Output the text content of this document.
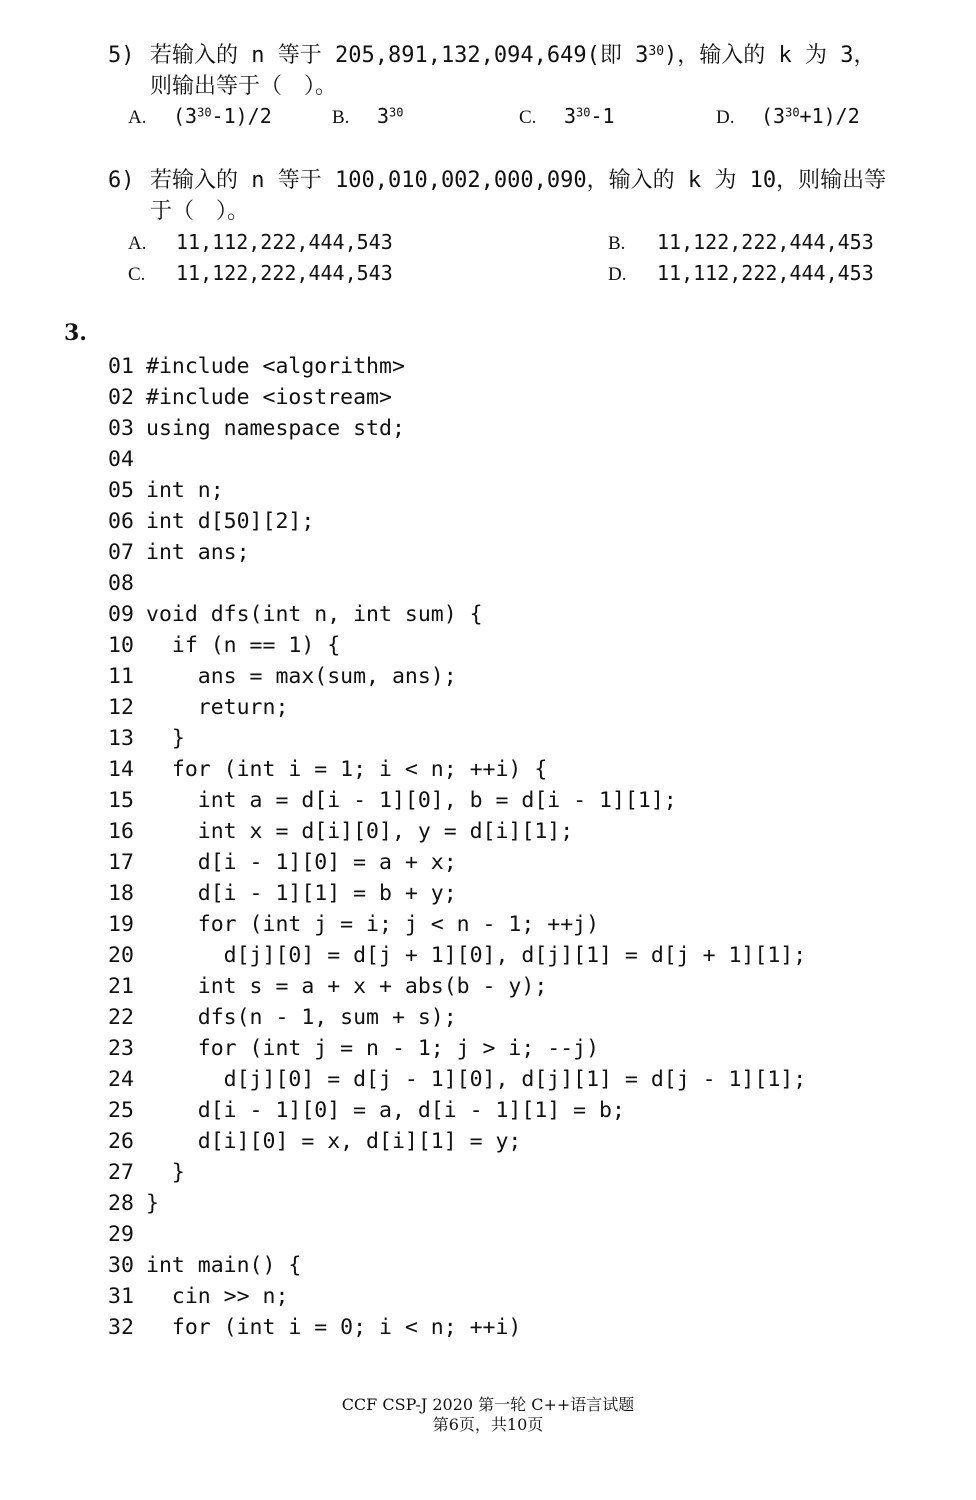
5) 若输入的 n 等于 205,891,132,094,649(即 $3^{30}$)，输入的 k 为 3，则输出等于（　）。
A. $(3^{30}-1)/2$	B. $3^{30}$	C. $3^{30}-1$	D. $(3^{30}+1)/2$
6) 若输入的 n 等于 100,010,002,000,090，输入的 k 为 10，则输出等于（　）。
A. 11,112,222,444,543	B. 11,122,222,444,453
C. 11,122,222,444,543	D. 11,112,222,444,453
3.
01 #include <algorithm>
02 #include <iostream>
03 using namespace std;
04
05 int n;
06 int d[50][2];
07 int ans;
08
09 void dfs(int n, int sum) {
10  if (n == 1) {
11    ans = max(sum, ans);
12    return;
13  }
14  for (int i = 1; i < n; ++i) {
15    int a = d[i - 1][0], b = d[i - 1][1];
16    int x = d[i][0], y = d[i][1];
17    d[i - 1][0] = a + x;
18    d[i - 1][1] = b + y;
19    for (int j = i; j < n - 1; ++j)
20      d[j][0] = d[j + 1][0], d[j][1] = d[j + 1][1];
21    int s = a + x + abs(b - y);
22    dfs(n - 1, sum + s);
23    for (int j = n - 1; j > i; --j)
24      d[j][0] = d[j - 1][0], d[j][1] = d[j - 1][1];
25    d[i - 1][0] = a, d[i - 1][1] = b;
26    d[i][0] = x, d[i][1] = y;
27  }
28 }
29
30 int main() {
31  cin >> n;
32  for (int i = 0; i < n; ++i)
CCF CSP-J 2020 第一轮 C++语言试题
第6页，共10页
